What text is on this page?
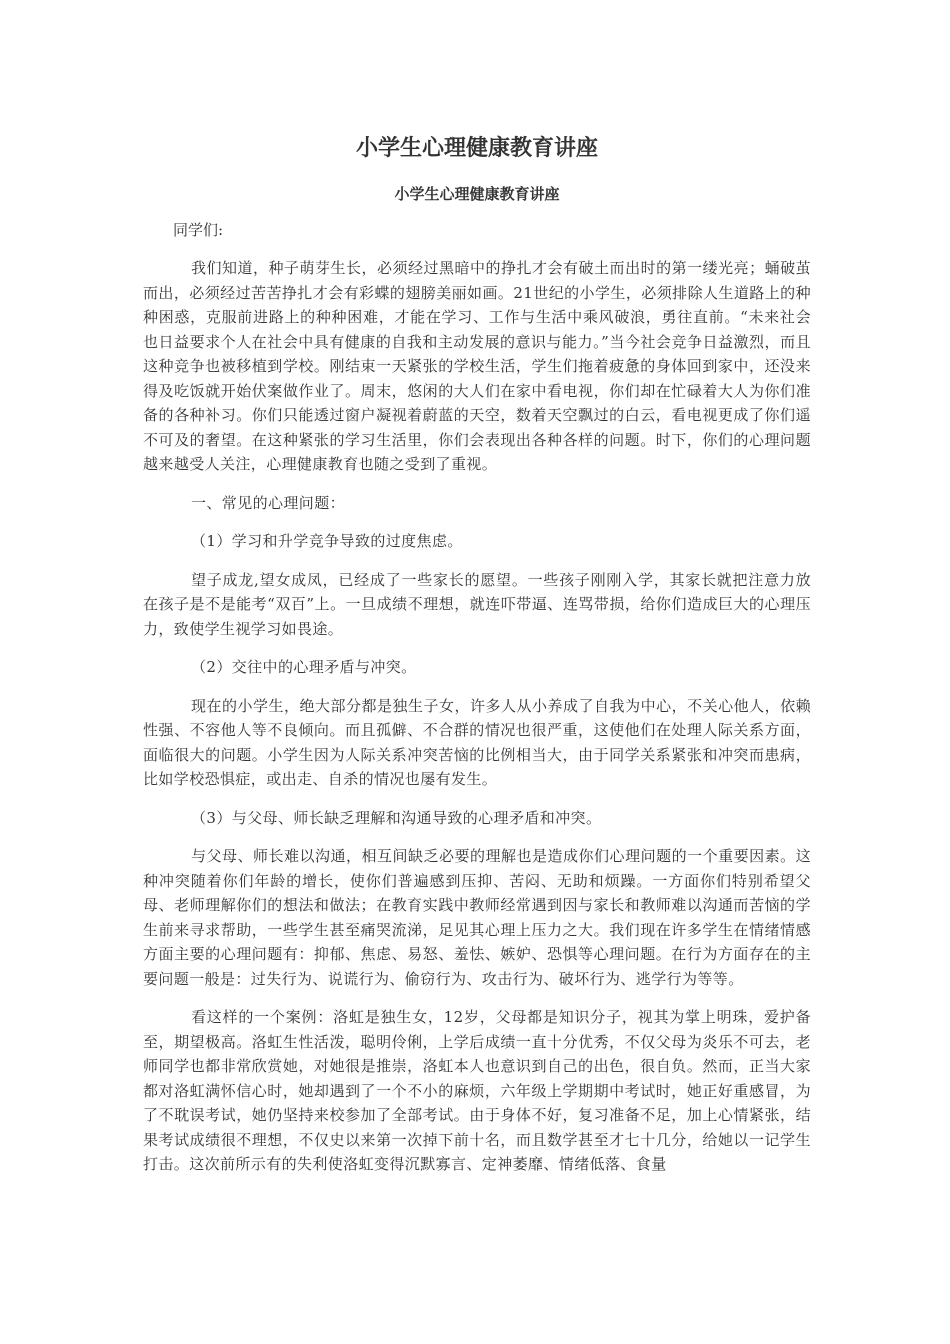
小学生心理健康教育讲座
小学生心理健康教育讲座

同学们:

我们知道，种子萌芽生长，必须经过黑暗中的挣扎才会有破土而出时的第一缕光亮；蛹破茧而出，必须经过苦苦挣扎才会有彩蝶的翅膀美丽如画。21世纪的小学生，必须排除人生道路上的种种困惑，克服前进路上的种种困难，才能在学习、工作与生活中乘风破浪，勇往直前。“未来社会也日益要求个人在社会中具有健康的自我和主动发展的意识与能力。”当今社会竞争日益激烈，而且这种竞争也被移植到学校。刚结束一天紧张的学校生活，学生们拖着疲惫的身体回到家中，还没来得及吃饭就开始伏案做作业了。周末，悠闲的大人们在家中看电视，你们却在忙碌着大人为你们准备的各种补习。你们只能透过窗户凝视着蔚蓝的天空，数着天空飘过的白云，看电视更成了你们遥不可及的奢望。在这种紧张的学习生活里，你们会表现出各种各样的问题。时下，你们的心理问题越来越受人关注，心理健康教育也随之受到了重视。

一、常见的心理问题：

（1）学习和升学竞争导致的过度焦虑。

望子成龙,望女成凤，已经成了一些家长的愿望。一些孩子刚刚入学，其家长就把注意力放在孩子是不是能考“双百”上。一旦成绩不理想，就连吓带逼、连骂带损，给你们造成巨大的心理压力，致使学生视学习如畏途。

（2）交往中的心理矛盾与冲突。

现在的小学生，绝大部分都是独生子女，许多人从小养成了自我为中心，不关心他人，依赖性强、不容他人等不良倾向。而且孤僻、不合群的情况也很严重，这使他们在处理人际关系方面，面临很大的问题。小学生因为人际关系冲突苦恼的比例相当大，由于同学关系紧张和冲突而患病，比如学校恐惧症，或出走、自杀的情况也屡有发生。

（3）与父母、师长缺乏理解和沟通导致的心理矛盾和冲突。

与父母、师长难以沟通，相互间缺乏必要的理解也是造成你们心理问题的一个重要因素。这种冲突随着你们年龄的增长，使你们普遍感到压抑、苦闷、无助和烦躁。一方面你们特别希望父母、老师理解你们的想法和做法；在教育实践中教师经常遇到因与家长和教师难以沟通而苦恼的学生前来寻求帮助，一些学生甚至痛哭流涕，足见其心理上压力之大。我们现在许多学生在情绪情感方面主要的心理问题有：抑郁、焦虑、易怒、羞怯、嫉妒、恐惧等心理问题。在行为方面存在的主要问题一般是：过失行为、说谎行为、偷窃行为、攻击行为、破坏行为、逃学行为等等。

看这样的一个案例：洛虹是独生女，12岁，父母都是知识分子，视其为掌上明珠，爱护备至，期望极高。洛虹生性活泼，聪明伶俐，上学后成绩一直十分优秀，不仅父母为炎乐不可去，老师同学也都非常欣赏她，对她很是推崇，洛虹本人也意识到自己的出色，很自负。然而，正当大家都对洛虹满怀信心时，她却遇到了一个不小的麻烦，六年级上学期期中考试时，她正好重感冒，为了不耽误考试，她仍坚持来校参加了全部考试。由于身体不好，复习准备不足，加上心情紧张，结果考试成绩很不理想，不仅史以来第一次掉下前十名，而且数学甚至才七十几分，给她以一记学生打击。这次前所示有的失利使洛虹变得沉默寡言、定神萎靡、情绪低落、食量
